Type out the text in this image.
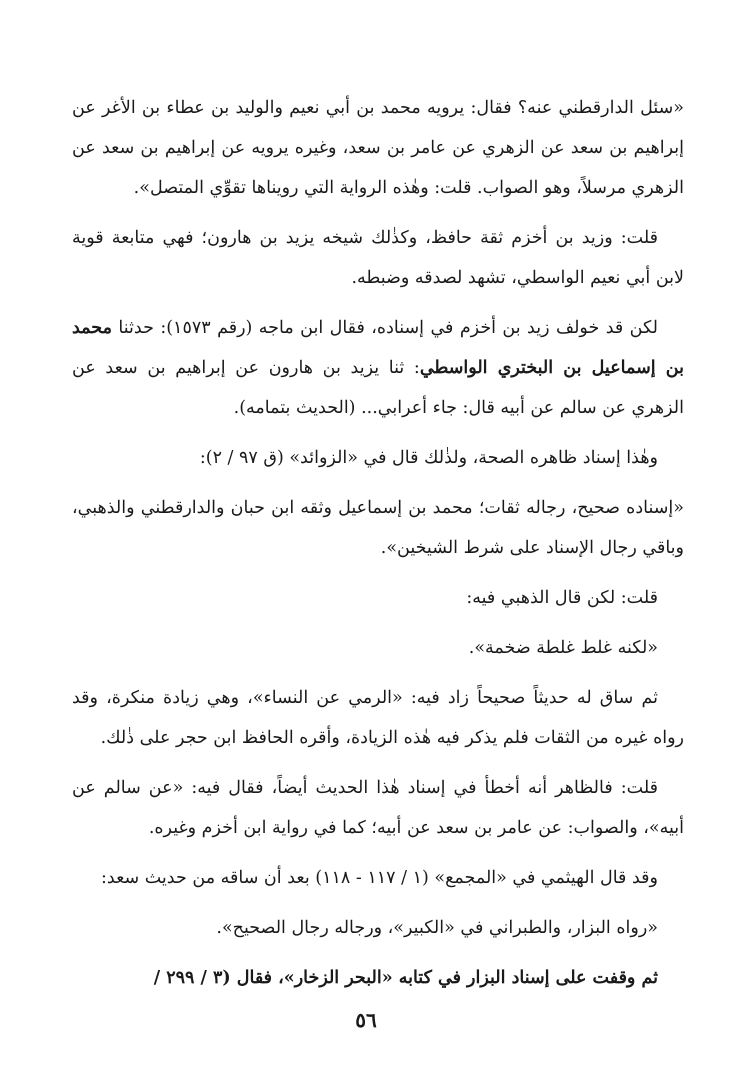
«سئل الدارقطني عنه؟ فقال: يرويه محمد بن أبي نعيم والوليد بن عطاء بن الأغر عن إبراهيم بن سعد عن الزهري عن عامر بن سعد، وغيره يرويه عن إبراهيم بن سعد عن الزهري مرسلاً، وهو الصواب. قلت: وهٰذه الرواية التي رويناها تقوِّي المتصل».

قلت: وزيد بن أخزم ثقة حافظ، وكذٰلك شيخه يزيد بن هارون؛ فهي متابعة قوية لابن أبي نعيم الواسطي، تشهد لصدقه وضبطه.

لكن قد خولف زيد بن أخزم في إسناده، فقال ابن ماجه (رقم ١٥٧٣): حدثنا محمد بن إسماعيل بن البختري الواسطي: ثنا يزيد بن هارون عن إبراهيم بن سعد عن الزهري عن سالم عن أبيه قال: جاء أعرابي... (الحديث بتمامه).

وهٰذا إسناد ظاهره الصحة، ولذٰلك قال في «الزوائد» (ق ٩٧ / ٢):

«إسناده صحيح، رجاله ثقات؛ محمد بن إسماعيل وثقه ابن حبان والدارقطني والذهبي، وباقي رجال الإسناد على شرط الشيخين».

قلت: لكن قال الذهبي فيه:

«لكنه غلط غلطة ضخمة».

ثم ساق له حديثاً صحيحاً زاد فيه: «الرمي عن النساء»، وهي زيادة منكرة، وقد رواه غيره من الثقات فلم يذكر فيه هٰذه الزيادة، وأقره الحافظ ابن حجر على ذٰلك.

قلت: فالظاهر أنه أخطأ في إسناد هٰذا الحديث أيضاً، فقال فيه: «عن سالم عن أبيه»، والصواب: عن عامر بن سعد عن أبيه؛ كما في رواية ابن أخزم وغيره.

وقد قال الهيثمي في «المجمع» (١ / ١١٧ - ١١٨) بعد أن ساقه من حديث سعد:

«رواه البزار، والطبراني في «الكبير»، ورجاله رجال الصحيح».

ثم وقفت على إسناد البزار في كتابه «البحر الزخار»، فقال (٣ / ٢٩٩ /

٥٦
